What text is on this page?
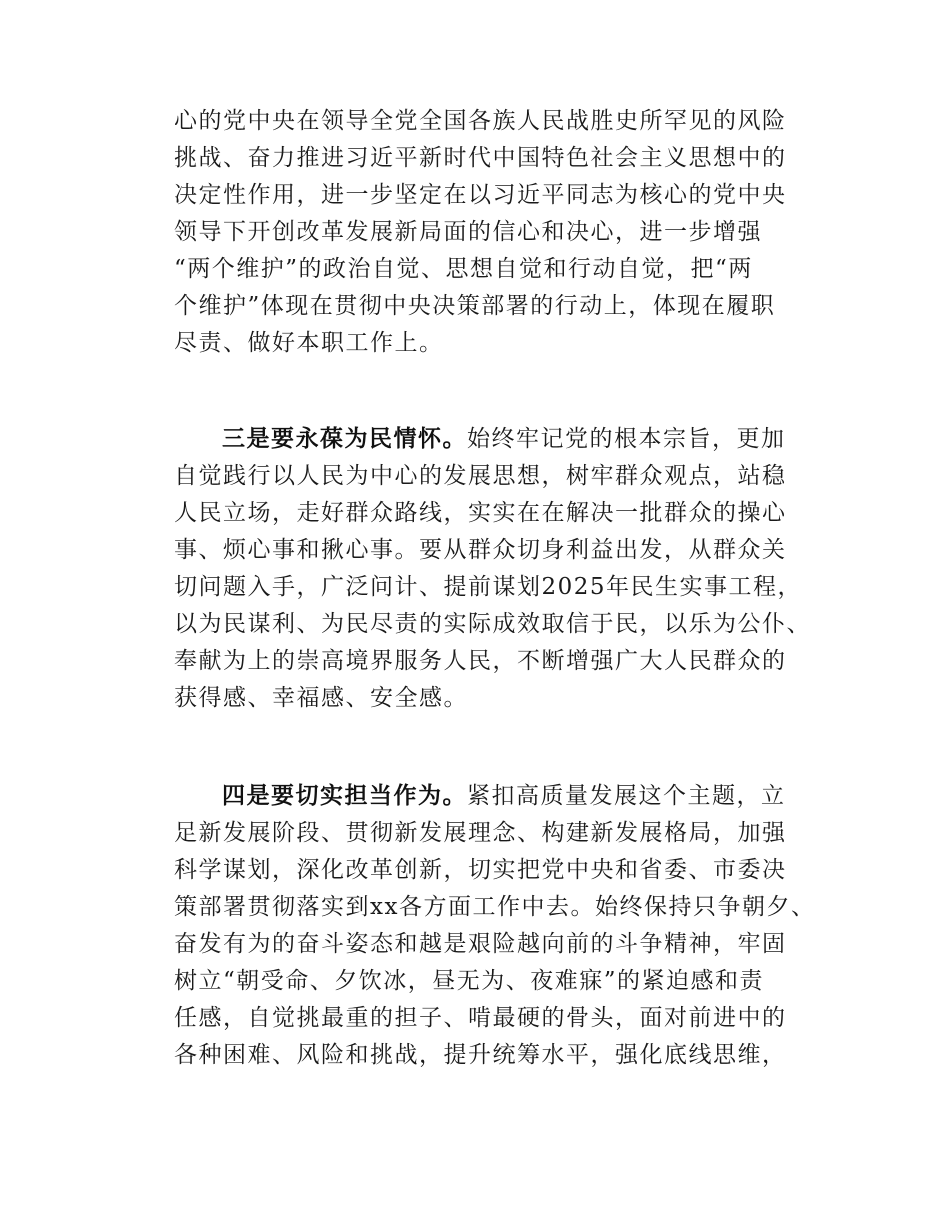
心的党中央在领导全党全国各族人民战胜史所罕见的风险
挑战、奋力推进习近平新时代中国特色社会主义思想中的
决定性作用，进一步坚定在以习近平同志为核心的党中央
领导下开创改革发展新局面的信心和决心，进一步增强
“两个维护”的政治自觉、思想自觉和行动自觉，把“两
个维护”体现在贯彻中央决策部署的行动上，体现在履职
尽责、做好本职工作上。
三是要永葆为民情怀。始终牢记党的根本宗旨，更加
自觉践行以人民为中心的发展思想，树牢群众观点，站稳
人民立场，走好群众路线，实实在在解决一批群众的操心
事、烦心事和揪心事。要从群众切身利益出发，从群众关
切问题入手，广泛问计、提前谋划2025年民生实事工程，
以为民谋利、为民尽责的实际成效取信于民，以乐为公仆、
奉献为上的崇高境界服务人民，不断增强广大人民群众的
获得感、幸福感、安全感。
四是要切实担当作为。紧扣高质量发展这个主题，立
足新发展阶段、贯彻新发展理念、构建新发展格局，加强
科学谋划，深化改革创新，切实把党中央和省委、市委决
策部署贯彻落实到xx各方面工作中去。始终保持只争朝夕、
奋发有为的奋斗姿态和越是艰险越向前的斗争精神，牢固
树立“朝受命、夕饮冰，昼无为、夜难寐”的紧迫感和责
任感，自觉挑最重的担子、啃最硬的骨头，面对前进中的
各种困难、风险和挑战，提升统筹水平，强化底线思维，
